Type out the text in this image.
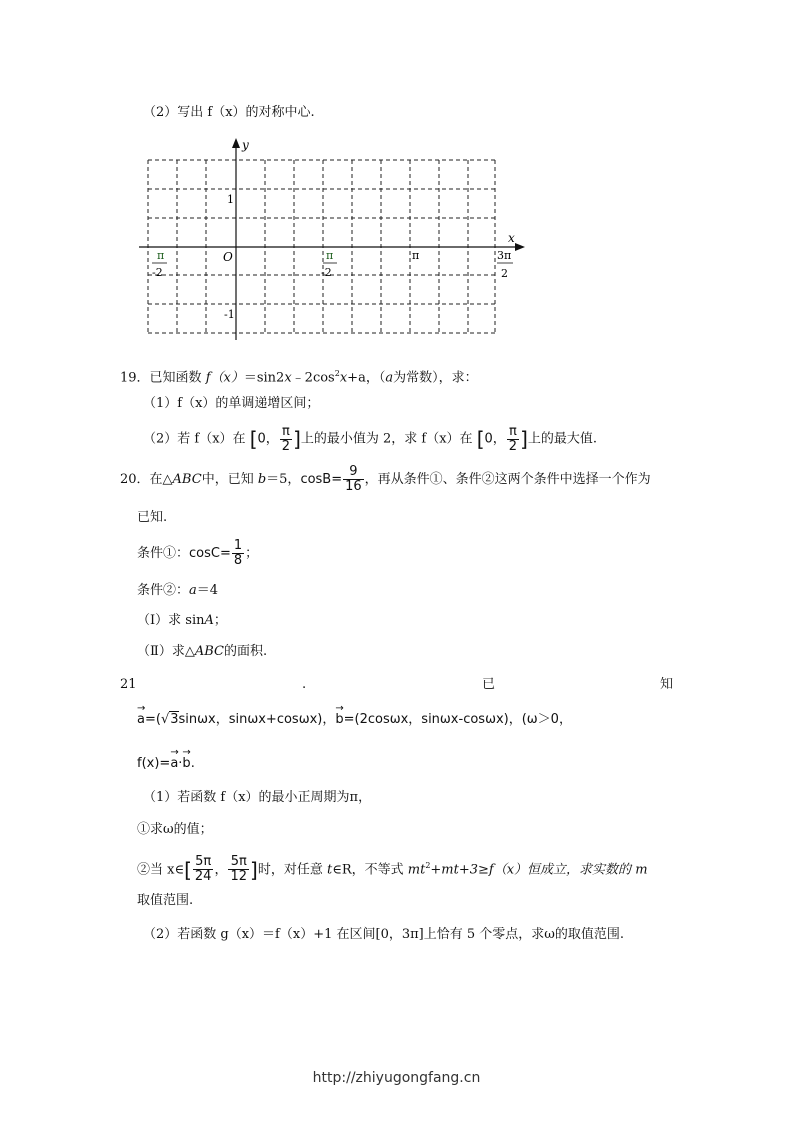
（2）写出 f（x）的对称中心.
y
x
O
1
-1
π
-2
π
-2
π	3π
2
19．已知函数 $f(x)=\sin 2x﹣2\cos^2x+a$，（a为常数），求：
（1）f（x）的单调递增区间；
（2）若 f（x）在 [0， $\frac{\pi}{2}$ ]上的最小值为 2，求 f（x）在 [0， $\frac{\pi}{2}$ ]上的最大值.
20．在△ABC中，已知 b＝5，$\cos B= \frac{9}{16}$ ，再从条件①、条件②这两个条件中选择一个作为
已知.
条件①：$\cos C= \frac{1}{8}$ ；
条件②：a＝4
（Ⅰ）求 sinA；
（Ⅱ）求△ABC的面积.
21	.	已	知
→ a=(√3sinωx，sinωx+cosωx)，→ b=(2cosωx，sinωx-cosωx)，(ω＞0，
f(x)=→ a·→ b.
（1）若函数 f（x）的最小正周期为π，
①求ω的值；
②当 x∈[ $\frac{5\pi}{24}$ ， $\frac{5\pi}{12}$ ]时，对任意 t∈R，不等式 $mt^2+mt+3\ge f(x)$恒成立，求实数的 m
取值范围.
（2）若函数 g（x）＝f（x）+1 在区间[0，3π]上恰有 5 个零点，求ω的取值范围.
http://zhiyugongfang.cn
